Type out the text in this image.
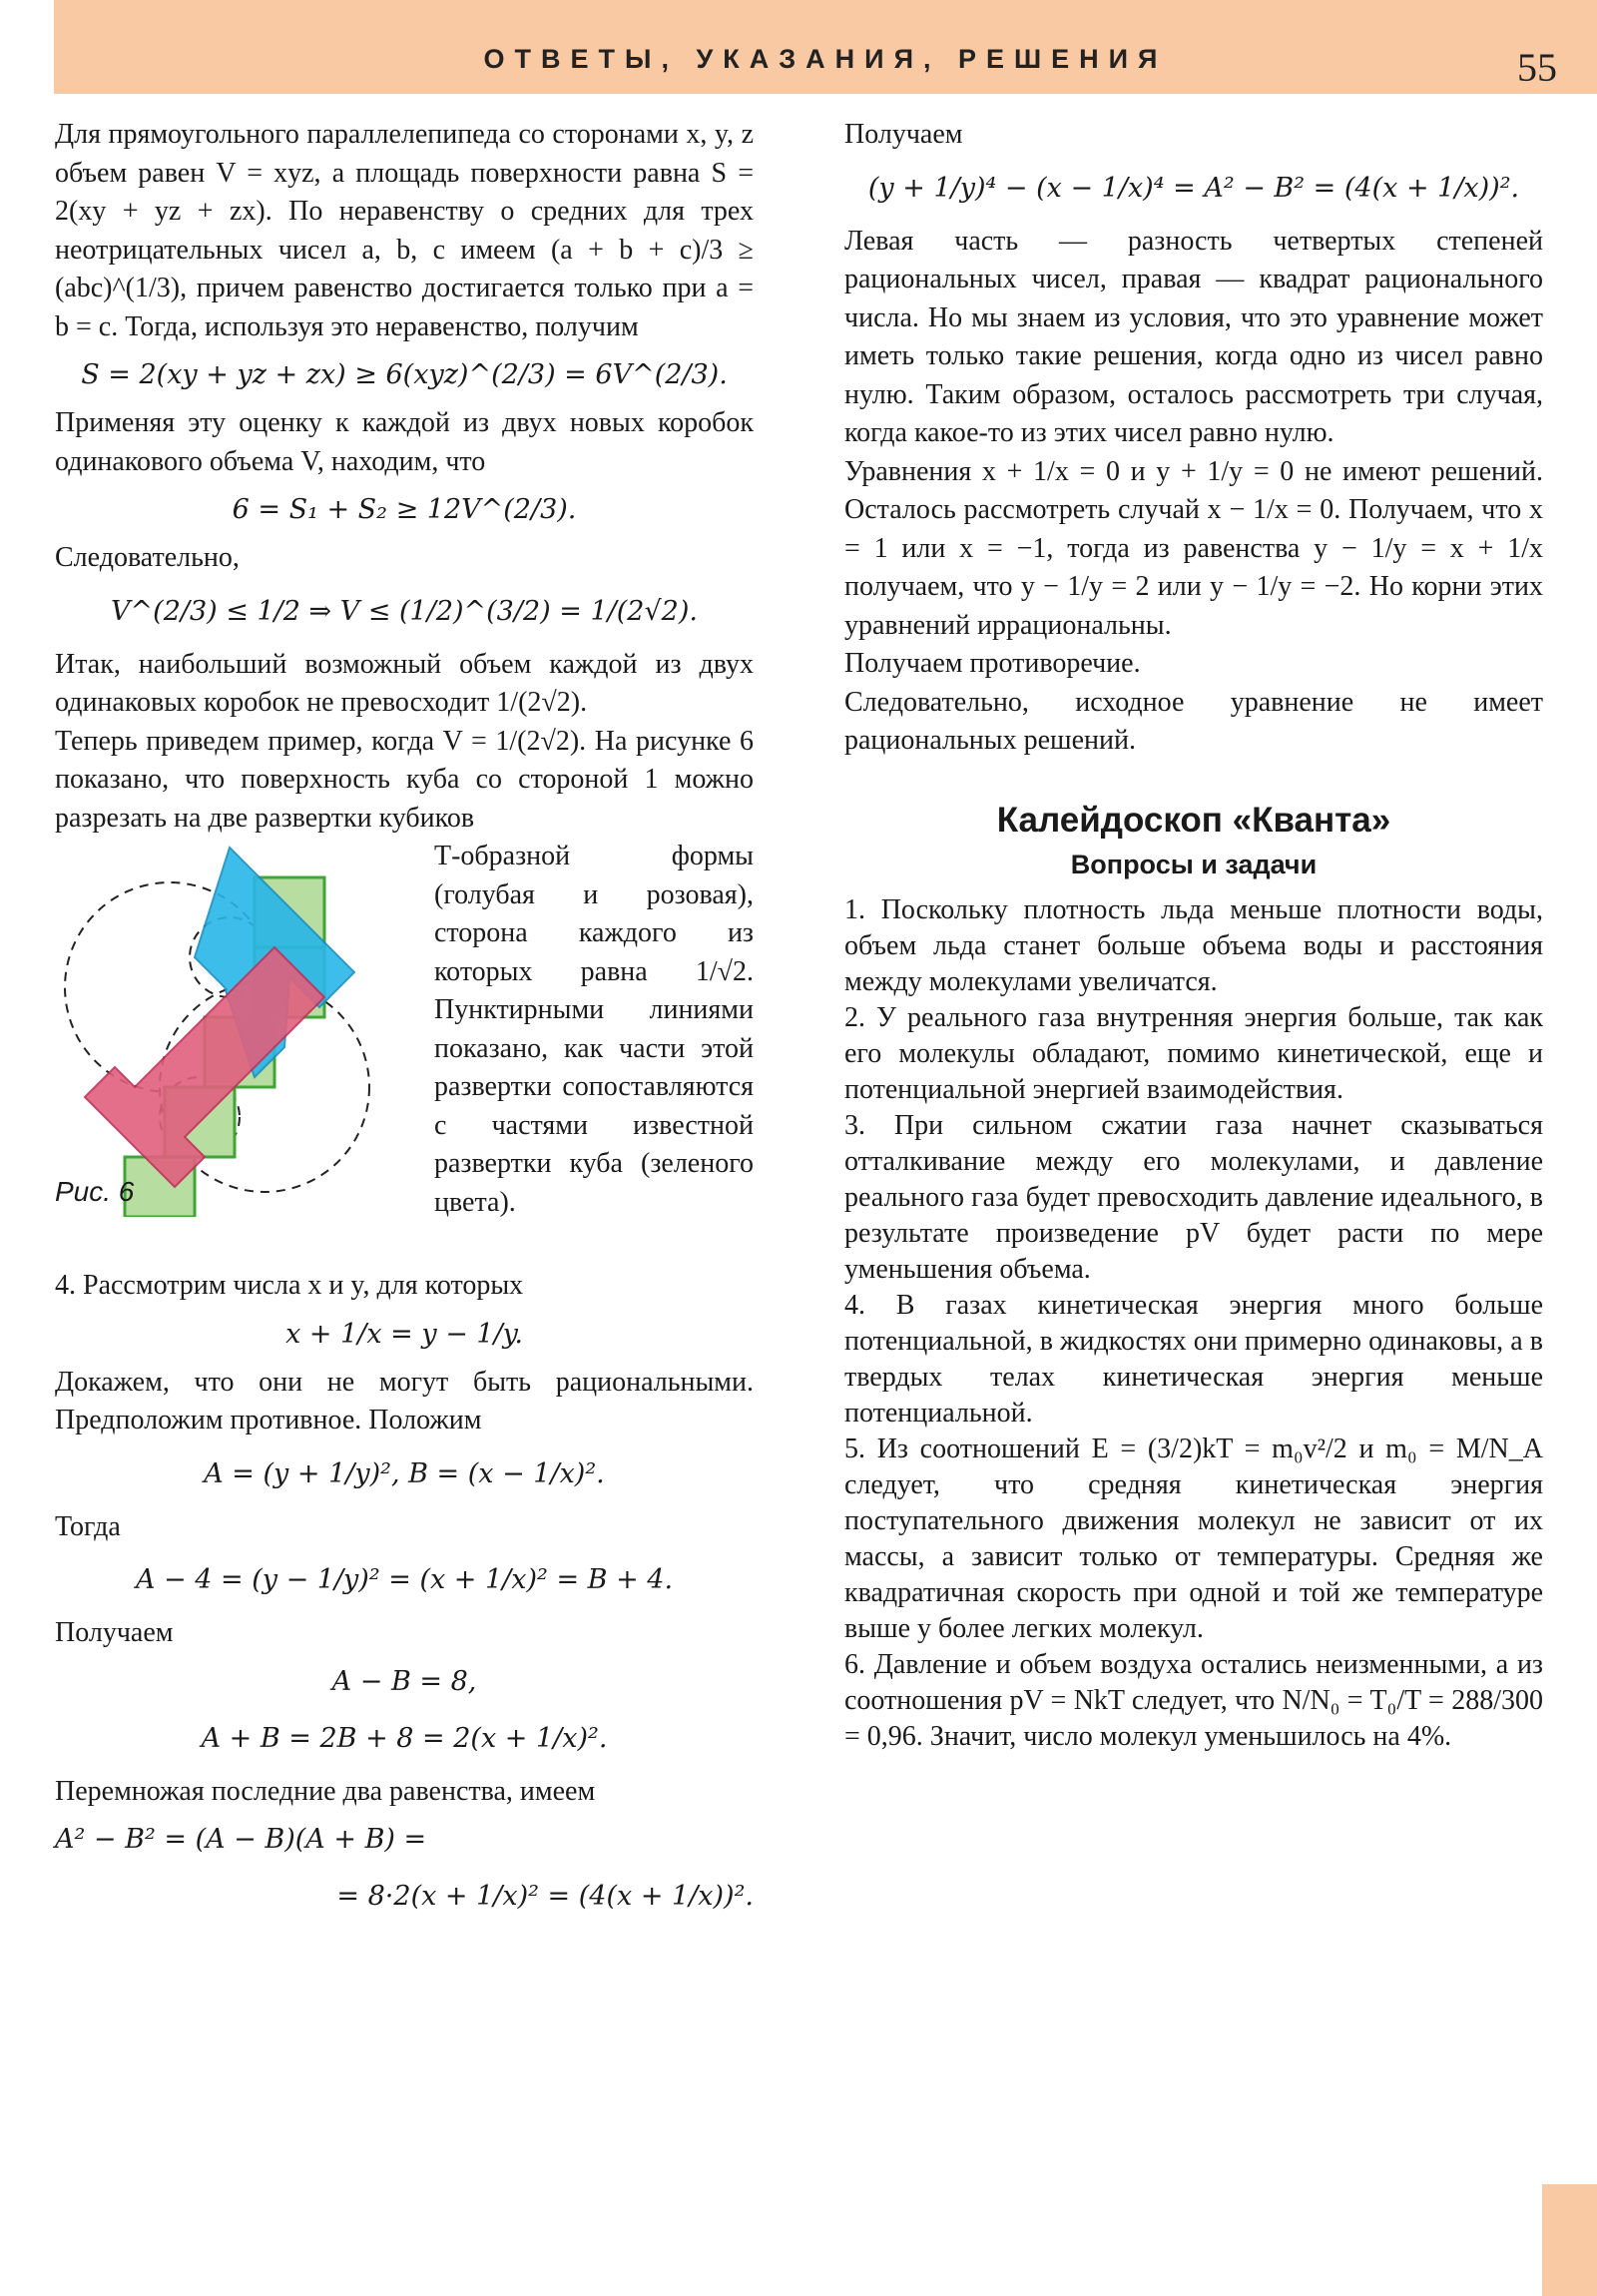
ОТВЕТЫ, УКАЗАНИЯ, РЕШЕНИЯ	55

Для прямоугольного параллелепипеда со сторонами x, y, z объем равен V = xyz, а площадь поверхности равна S = 2(xy + yz + zx). По неравенству о средних для трех неотрицательных чисел a, b, c имеем (a + b + c)/3 ≥ (abc)^(1/3), причем равенство достигается только при a = b = c. Тогда, используя это неравенство, получим

S = 2(xy + yz + zx) ≥ 6(xyz)^(2/3) = 6V^(2/3).

Применяя эту оценку к каждой из двух новых коробок одинакового объема V, находим, что

6 = S₁ + S₂ ≥ 12V^(2/3).

Следовательно,

V^(2/3) ≤ 1/2 ⇒ V ≤ (1/2)^(3/2) = 1/(2√2).

Итак, наибольший возможный объем каждой из двух одинаковых коробок не превосходит 1/(2√2).

Теперь приведем пример, когда V = 1/(2√2). На рисунке 6 показано, что поверхность куба со стороной 1 можно разрезать на две развертки кубиков

Рис. 6

Т-образной формы (голубая и розовая), сторона каждого из которых равна 1/√2. Пунктирными линиями показано, как части этой развертки сопоставляются с частями известной развертки куба (зеленого цвета).

4. Рассмотрим числа x и y, для которых

x + 1/x = y − 1/y.

Докажем, что они не могут быть рациональными. Предположим противное. Положим

A = (y + 1/y)², B = (x − 1/x)².

Тогда

A − 4 = (y − 1/y)² = (x + 1/x)² = B + 4.

Получаем

A − B = 8,
A + B = 2B + 8 = 2(x + 1/x)².

Перемножая последние два равенства, имеем

A² − B² = (A − B)(A + B) =
= 8·2(x + 1/x)² = (4(x + 1/x))².

Получаем

(y + 1/y)⁴ − (x − 1/x)⁴ = A² − B² = (4(x + 1/x))².

Левая часть — разность четвертых степеней рациональных чисел, правая — квадрат рационального числа. Но мы знаем из условия, что это уравнение может иметь только такие решения, когда одно из чисел равно нулю. Таким образом, осталось рассмотреть три случая, когда какое-то из этих чисел равно нулю.

Уравнения x + 1/x = 0 и y + 1/y = 0 не имеют решений. Осталось рассмотреть случай x − 1/x = 0. Получаем, что x = 1 или x = −1, тогда из равенства y − 1/y = x + 1/x получаем, что y − 1/y = 2 или y − 1/y = −2. Но корни этих уравнений иррациональны.

Получаем противоречие.

Следовательно, исходное уравнение не имеет рациональных решений.

Калейдоскоп «Кванта»
Вопросы и задачи

1. Поскольку плотность льда меньше плотности воды, объем льда станет больше объема воды и расстояния между молекулами увеличатся.

2. У реального газа внутренняя энергия больше, так как его молекулы обладают, помимо кинетической, еще и потенциальной энергией взаимодействия.

3. При сильном сжатии газа начнет сказываться отталкивание между его молекулами, и давление реального газа будет превосходить давление идеального, в результате произведение pV будет расти по мере уменьшения объема.

4. В газах кинетическая энергия много больше потенциальной, в жидкостях они примерно одинаковы, а в твердых телах кинетическая энергия меньше потенциальной.

5. Из соотношений E = (3/2)kT = m₀v²/2 и m₀ = M/N_A следует, что средняя кинетическая энергия поступательного движения молекул не зависит от их массы, а зависит только от температуры. Средняя же квадратичная скорость при одной и той же температуре выше у более легких молекул.

6. Давление и объем воздуха остались неизменными, а из соотношения pV = NkT следует, что N/N₀ = T₀/T = 288/300 = 0,96. Значит, число молекул уменьшилось на 4%.
